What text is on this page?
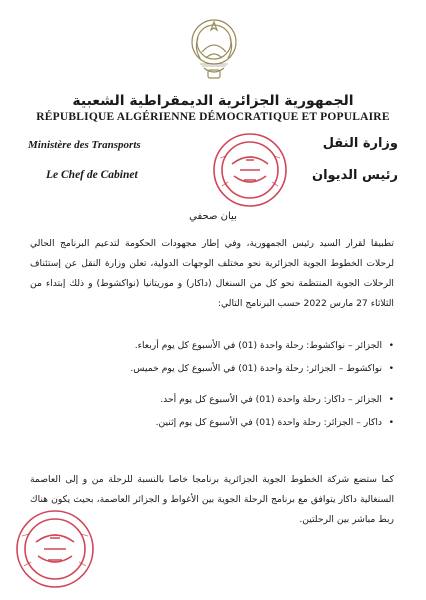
الجمهورية الجزائرية الديمقراطية الشعبية
RÉPUBLIQUE ALGÉRIENNE DÉMOCRATIQUE ET POPULAIRE
Ministère des Transports
Le Chef de Cabinet
وزارة النقل
رئيس الديوان
بيان صحفي
تطبيقا لقرار السيد رئيس الجمهورية، وفي إطار مجهودات الحكومة لتدعيم البرنامج الحالي لرحلات الخطوط الجوية الجزائرية نحو مختلف الوجهات الدولية، تعلن وزارة النقل عن إستئناف الرحلات الجوية المنتظمة نحو كل من السنغال (داكار) و موريتانيا (نواكشوط) و ذلك إبتداء من الثلاثاء 27 مارس 2022 حسب البرنامج التالي:
• الجزائر – نواكشوط: رحلة واحدة (01) في الأسبوع كل يوم أربعاء.
• نواكشوط – الجزائر: رحلة واحدة (01) في الأسبوع كل يوم خميس.
• الجزائر – داكار: رحلة واحدة (01) في الأسبوع كل يوم أحد.
• داكار – الجزائر: رحلة واحدة (01) في الأسبوع كل يوم إثنين.
كما ستضع شركة الخطوط الجوية الجزائرية برنامجا خاصا بالنسبة للرحلة من و إلى العاصمة السنغالية داكار يتوافق مع برنامج الرحلة الجوية بين الأغواط و الجزائر العاصمة، بحيث يكون هناك ربط مباشر بين الرحلتين.
